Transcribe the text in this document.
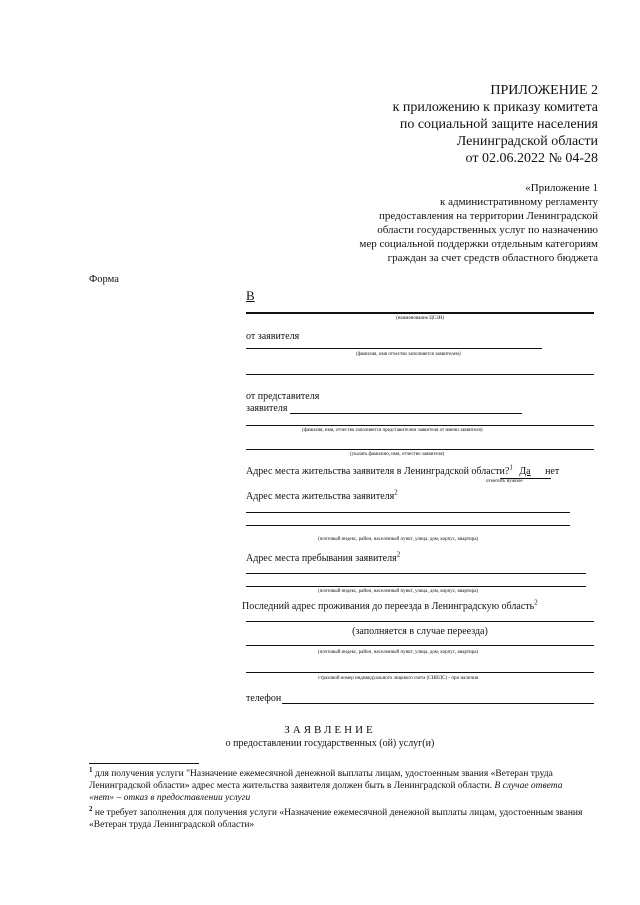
ПРИЛОЖЕНИЕ 2
к приложению к приказу комитета
по социальной защите населения
Ленинградской области
от 02.06.2022 № 04-28
«Приложение 1
к административному регламенту
предоставления на территории Ленинградской
области государственных услуг по назначению
мер социальной поддержки отдельным категориям
граждан за счет средств областного бюджета
Форма
В
(наименование ЦСЗН)
от заявителя
(фамилия, имя отчество заполняется заявителем)
от представителя
заявителя
(фамилия, имя, отчество заполняется представителем заявителя от имени заявителя)
(указать фамилию, имя, отчество заявителя)
Адрес места жительства заявителя в Ленинградской области?$^1$ Да нет
отметить нужное
Адрес места жительства заявителя$^2$
(почтовый индекс, район, населенный пункт, улица, дом, корпус, квартира)
Адрес места пребывания заявителя$^2$
(почтовый индекс, район, населенный пункт, улица, дом, корпус, квартира)
Последний адрес проживания до переезда в Ленинградскую область$^2$
(заполняется в случае переезда)
(почтовый индекс, район, населенный пункт, улица, дом, корпус, квартира)
страховой номер индивидуального лицевого счета (СНИЛС) - при наличии
телефон
ЗАЯВЛЕНИЕ
о предоставлении государственных (ой) услуг(и)
$^1$ для получения услуги "Назначение ежемесячной денежной выплаты лицам, удостоенным звания «Ветеран труда Ленинградской области» адрес места жительства заявителя должен быть в Ленинградской области. В случае ответа «нет» – отказ в предоставлении услуги
$^2$ не требует заполнения для получения услуги «Назначение ежемесячной денежной выплаты лицам, удостоенным звания «Ветеран труда Ленинградской области»
